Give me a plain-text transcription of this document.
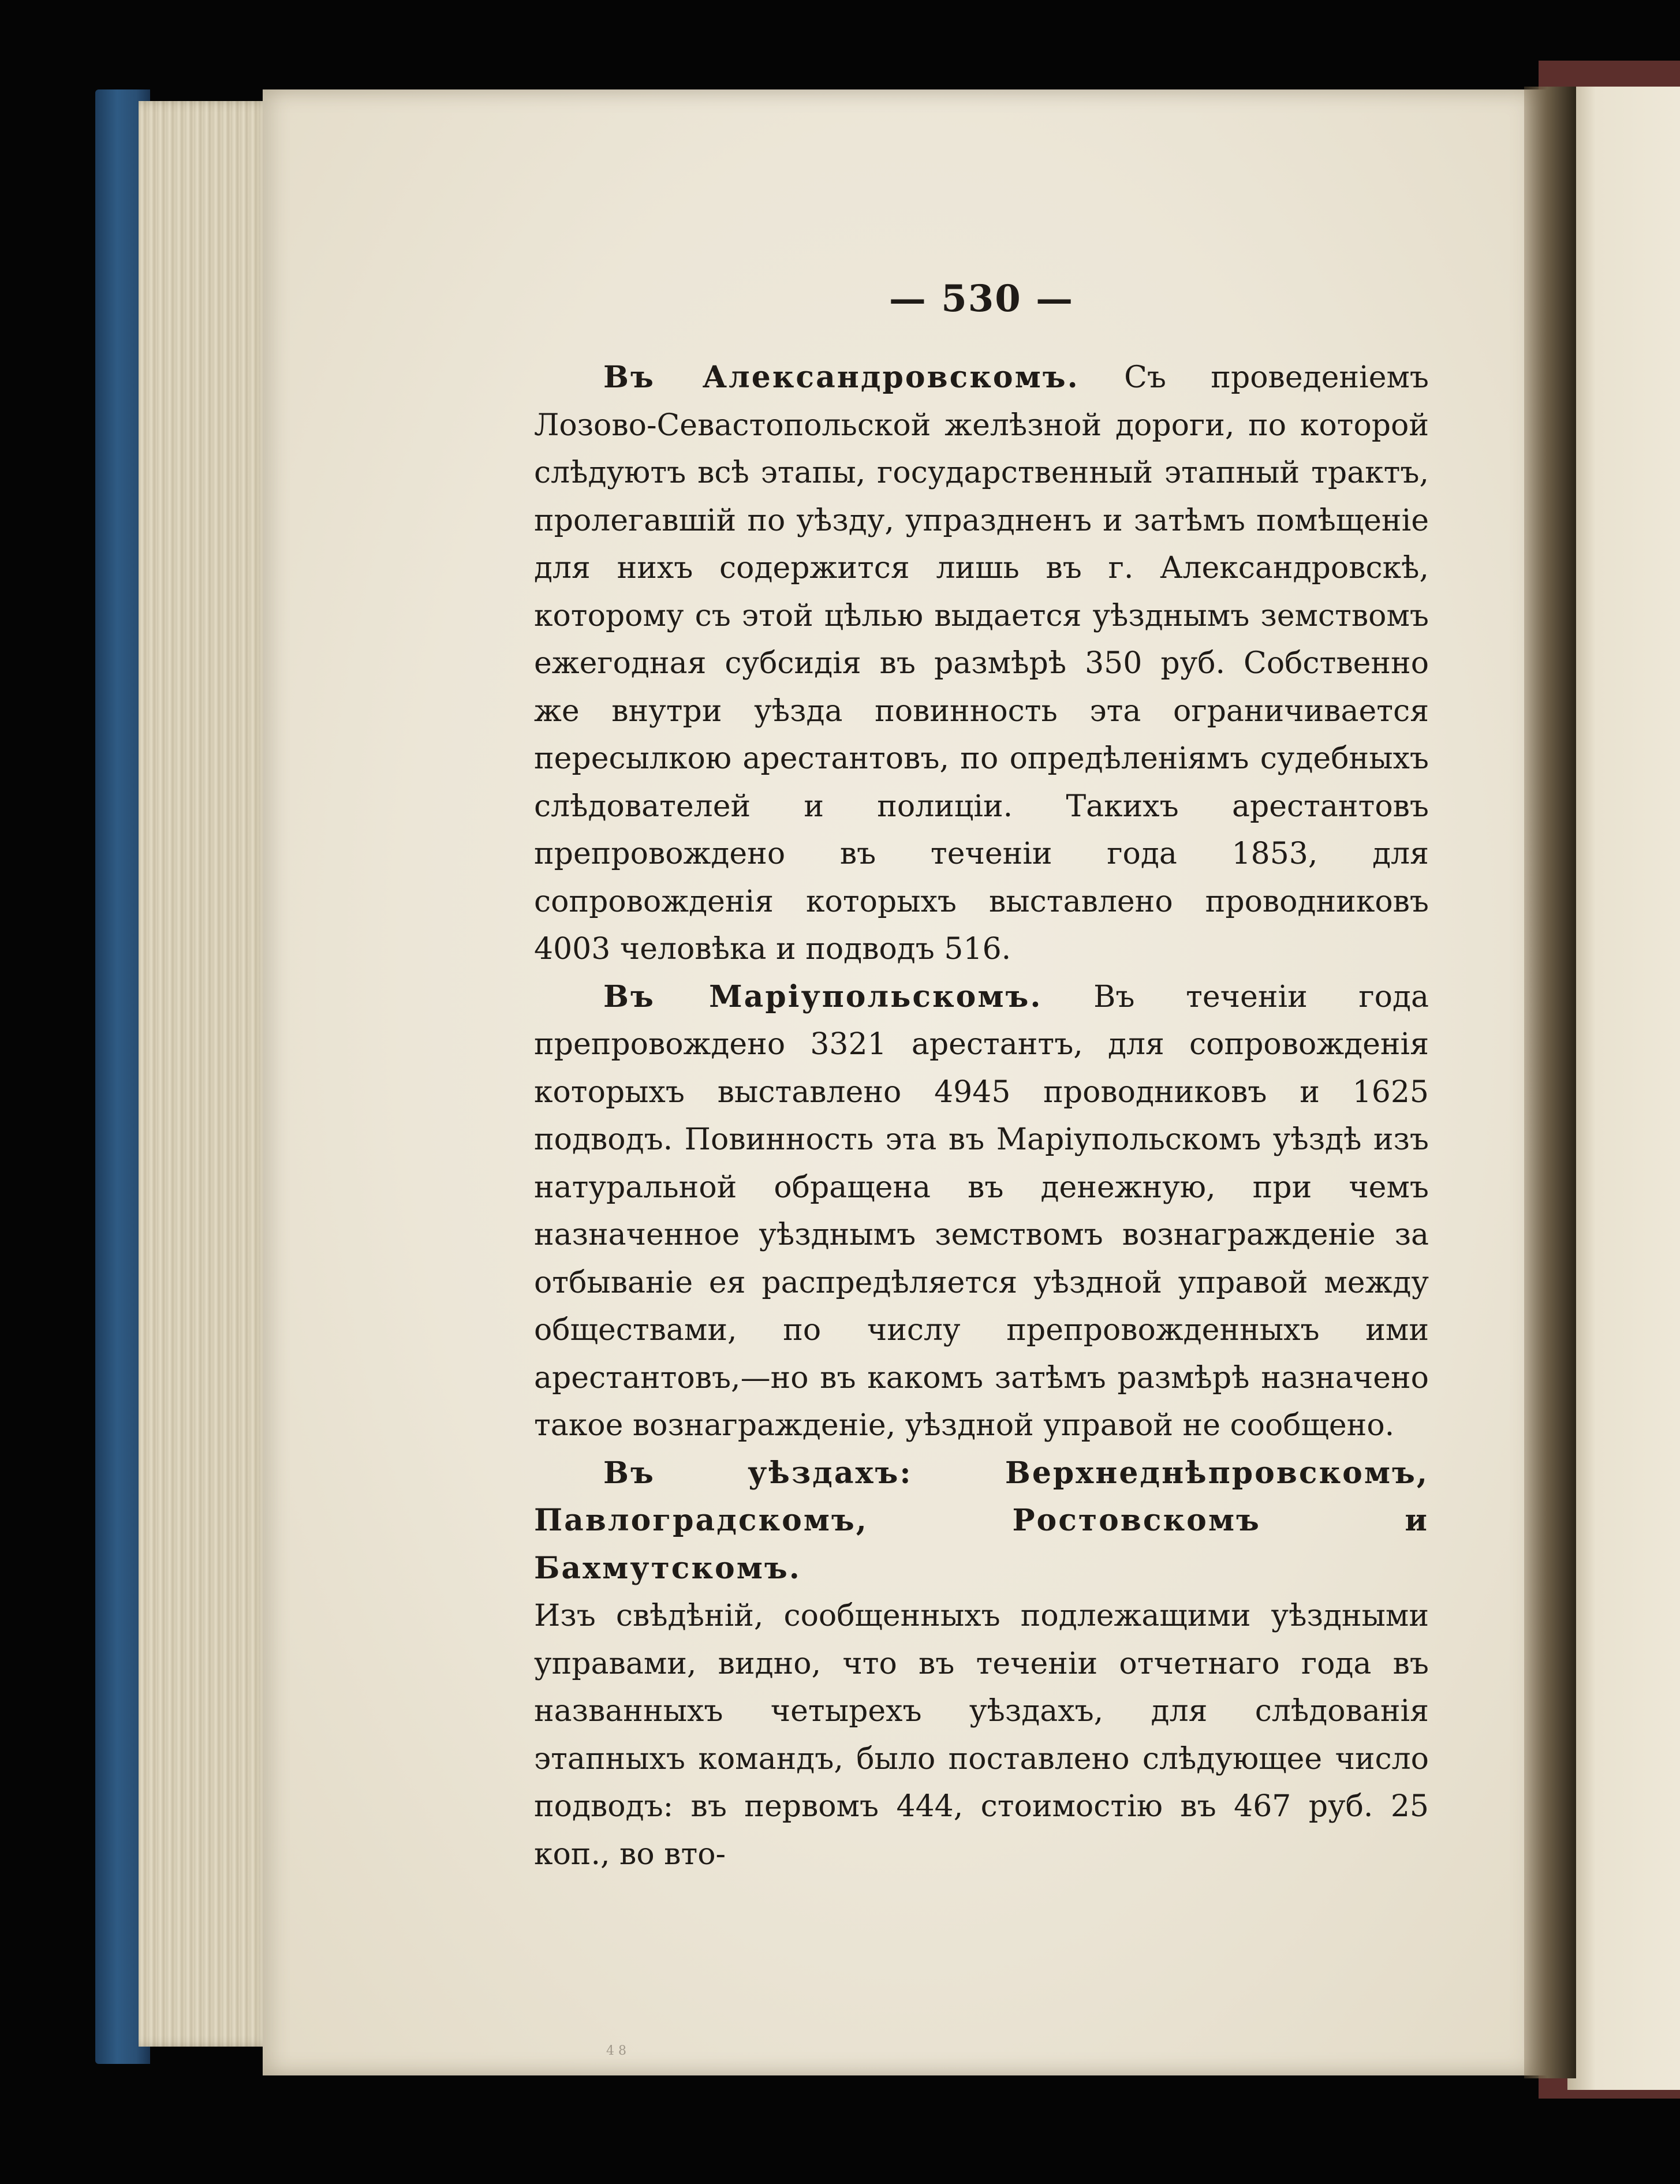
— 530 —

Въ Александровскомъ. Съ проведеніемъ Лозово-Севастопольской желѣзной дороги, по которой слѣдуютъ всѣ этапы, государственный этапный трактъ, пролегавшій по уѣзду, упраздненъ и затѣмъ помѣщеніе для нихъ содержится лишь въ г. Александровскѣ, которому съ этой цѣлью выдается уѣзднымъ земствомъ ежегодная субсидія въ размѣрѣ 350 руб. Собственно же внутри уѣзда повинность эта ограничивается пересылкою арестантовъ, по опредѣленіямъ судебныхъ слѣдователей и полиціи. Такихъ арестантовъ препровождено въ теченіи года 1853, для сопровожденія которыхъ выставлено проводниковъ 4003 человѣка и подводъ 516.

Въ Маріупольскомъ. Въ теченіи года препровождено 3321 арестантъ, для сопровожденія которыхъ выставлено 4945 проводниковъ и 1625 подводъ. Повинность эта въ Маріупольскомъ уѣздѣ изъ натуральной обращена въ денежную, при чемъ назначенное уѣзднымъ земствомъ вознагражденіе за отбываніе ея распредѣляется уѣздной управой между обществами, по числу препровожденныхъ ими арестантовъ,—но въ какомъ затѣмъ размѣрѣ назначено такое вознагражденіе, уѣздной управой не сообщено.

Въ уѣздахъ: Верхнеднѣпровскомъ, Павлоградскомъ, Ростовскомъ и Бахмутскомъ.

Изъ свѣдѣній, сообщенныхъ подлежащими уѣздными управами, видно, что въ теченіи отчетнаго года въ названныхъ четырехъ уѣздахъ, для слѣдованія этапныхъ командъ, было поставлено слѣдующее число подводъ: въ первомъ 444, стоимостію въ 467 руб. 25 коп., во вто-

4 8
